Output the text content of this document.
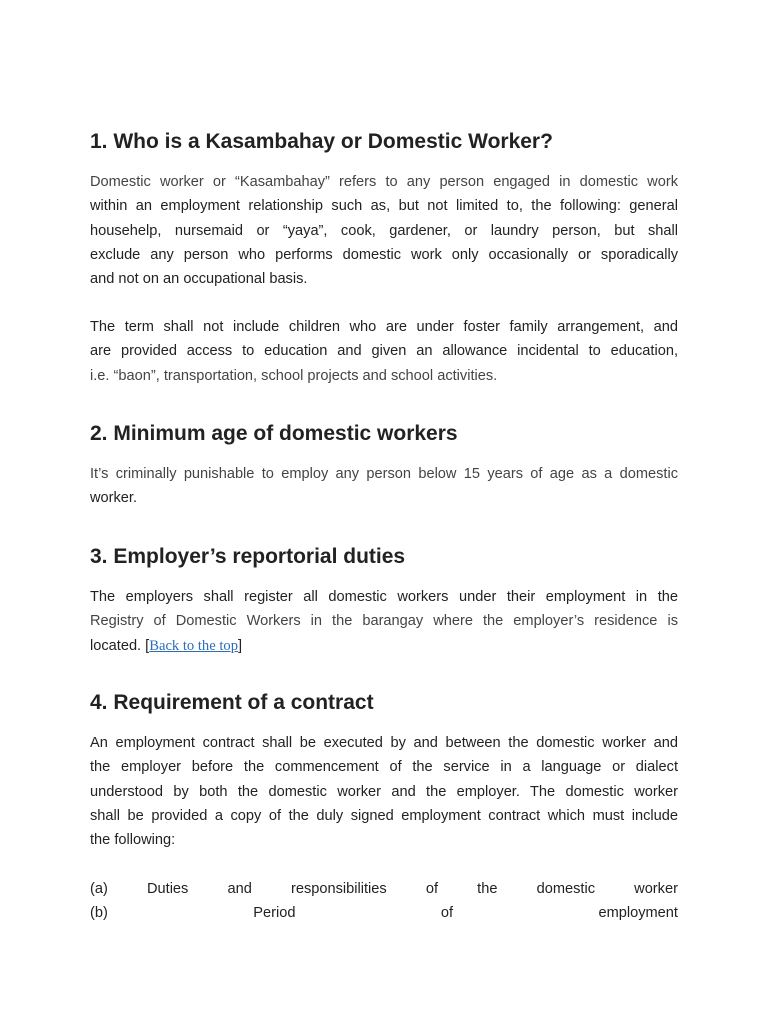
1. Who is a Kasambahay or Domestic Worker?
Domestic worker or “Kasambahay” refers to any person engaged in domestic work
within an employment relationship such as, but not limited to, the following: general
househelp, nursemaid or “yaya”, cook, gardener, or laundry person, but shall
exclude any person who performs domestic work only occasionally or sporadically
and not on an occupational basis.
The term shall not include children who are under foster family arrangement, and
are provided access to education and given an allowance incidental to education,
i.e. “baon”, transportation, school projects and school activities.
2. Minimum age of domestic workers
It’s criminally punishable to employ any person below 15 years of age as a domestic
worker.
3. Employer’s reportorial duties
The employers shall register all domestic workers under their employment in the
Registry of Domestic Workers in the barangay where the employer’s residence is
located. [Back to the top]
4. Requirement of a contract
An employment contract shall be executed by and between the domestic worker and
the employer before the commencement of the service in a language or dialect
understood by both the domestic worker and the employer. The domestic worker
shall be provided a copy of the duly signed employment contract which must include
the following:
(a)	Duties	and	responsibilities	of	the	domestic	worker
(b)	Period	of	employment
